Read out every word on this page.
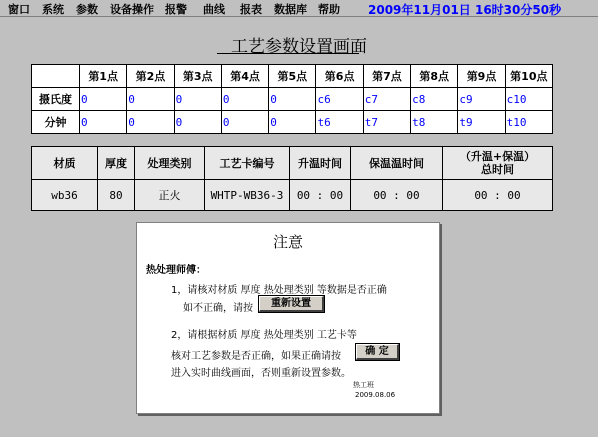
窗口 系统 参数 设备操作 报警 曲线 报表 数据库 帮助 2009年11月01日 16时30分50秒
工艺参数设置画面
	第1点	第2点	第3点	第4点	第5点	第6点	第7点	第8点	第9点	第10点
摄氏度	0	0	0	0	0	c6	c7	c8	c9	c10
分钟	0	0	0	0	0	t6	t7	t8	t9	t10
材质	厚度	处理类别	工艺卡编号	升温时间	保温温时间	（升温+保温）
总时间

wb36	80	正火	WHTP-WB36-3	00 : 00	00 : 00	00 : 00
注意
热处理师傅：
1，请核对材质 厚度 热处理类别 等数据是否正确
如不正确，请按	重新设置
2，请根据材质 厚度 热处理类别 工艺卡等
核对工艺参数是否正确，如果正确请按	确 定
进入实时曲线画面，否则重新设置参数。
热工班
2009.08.06
